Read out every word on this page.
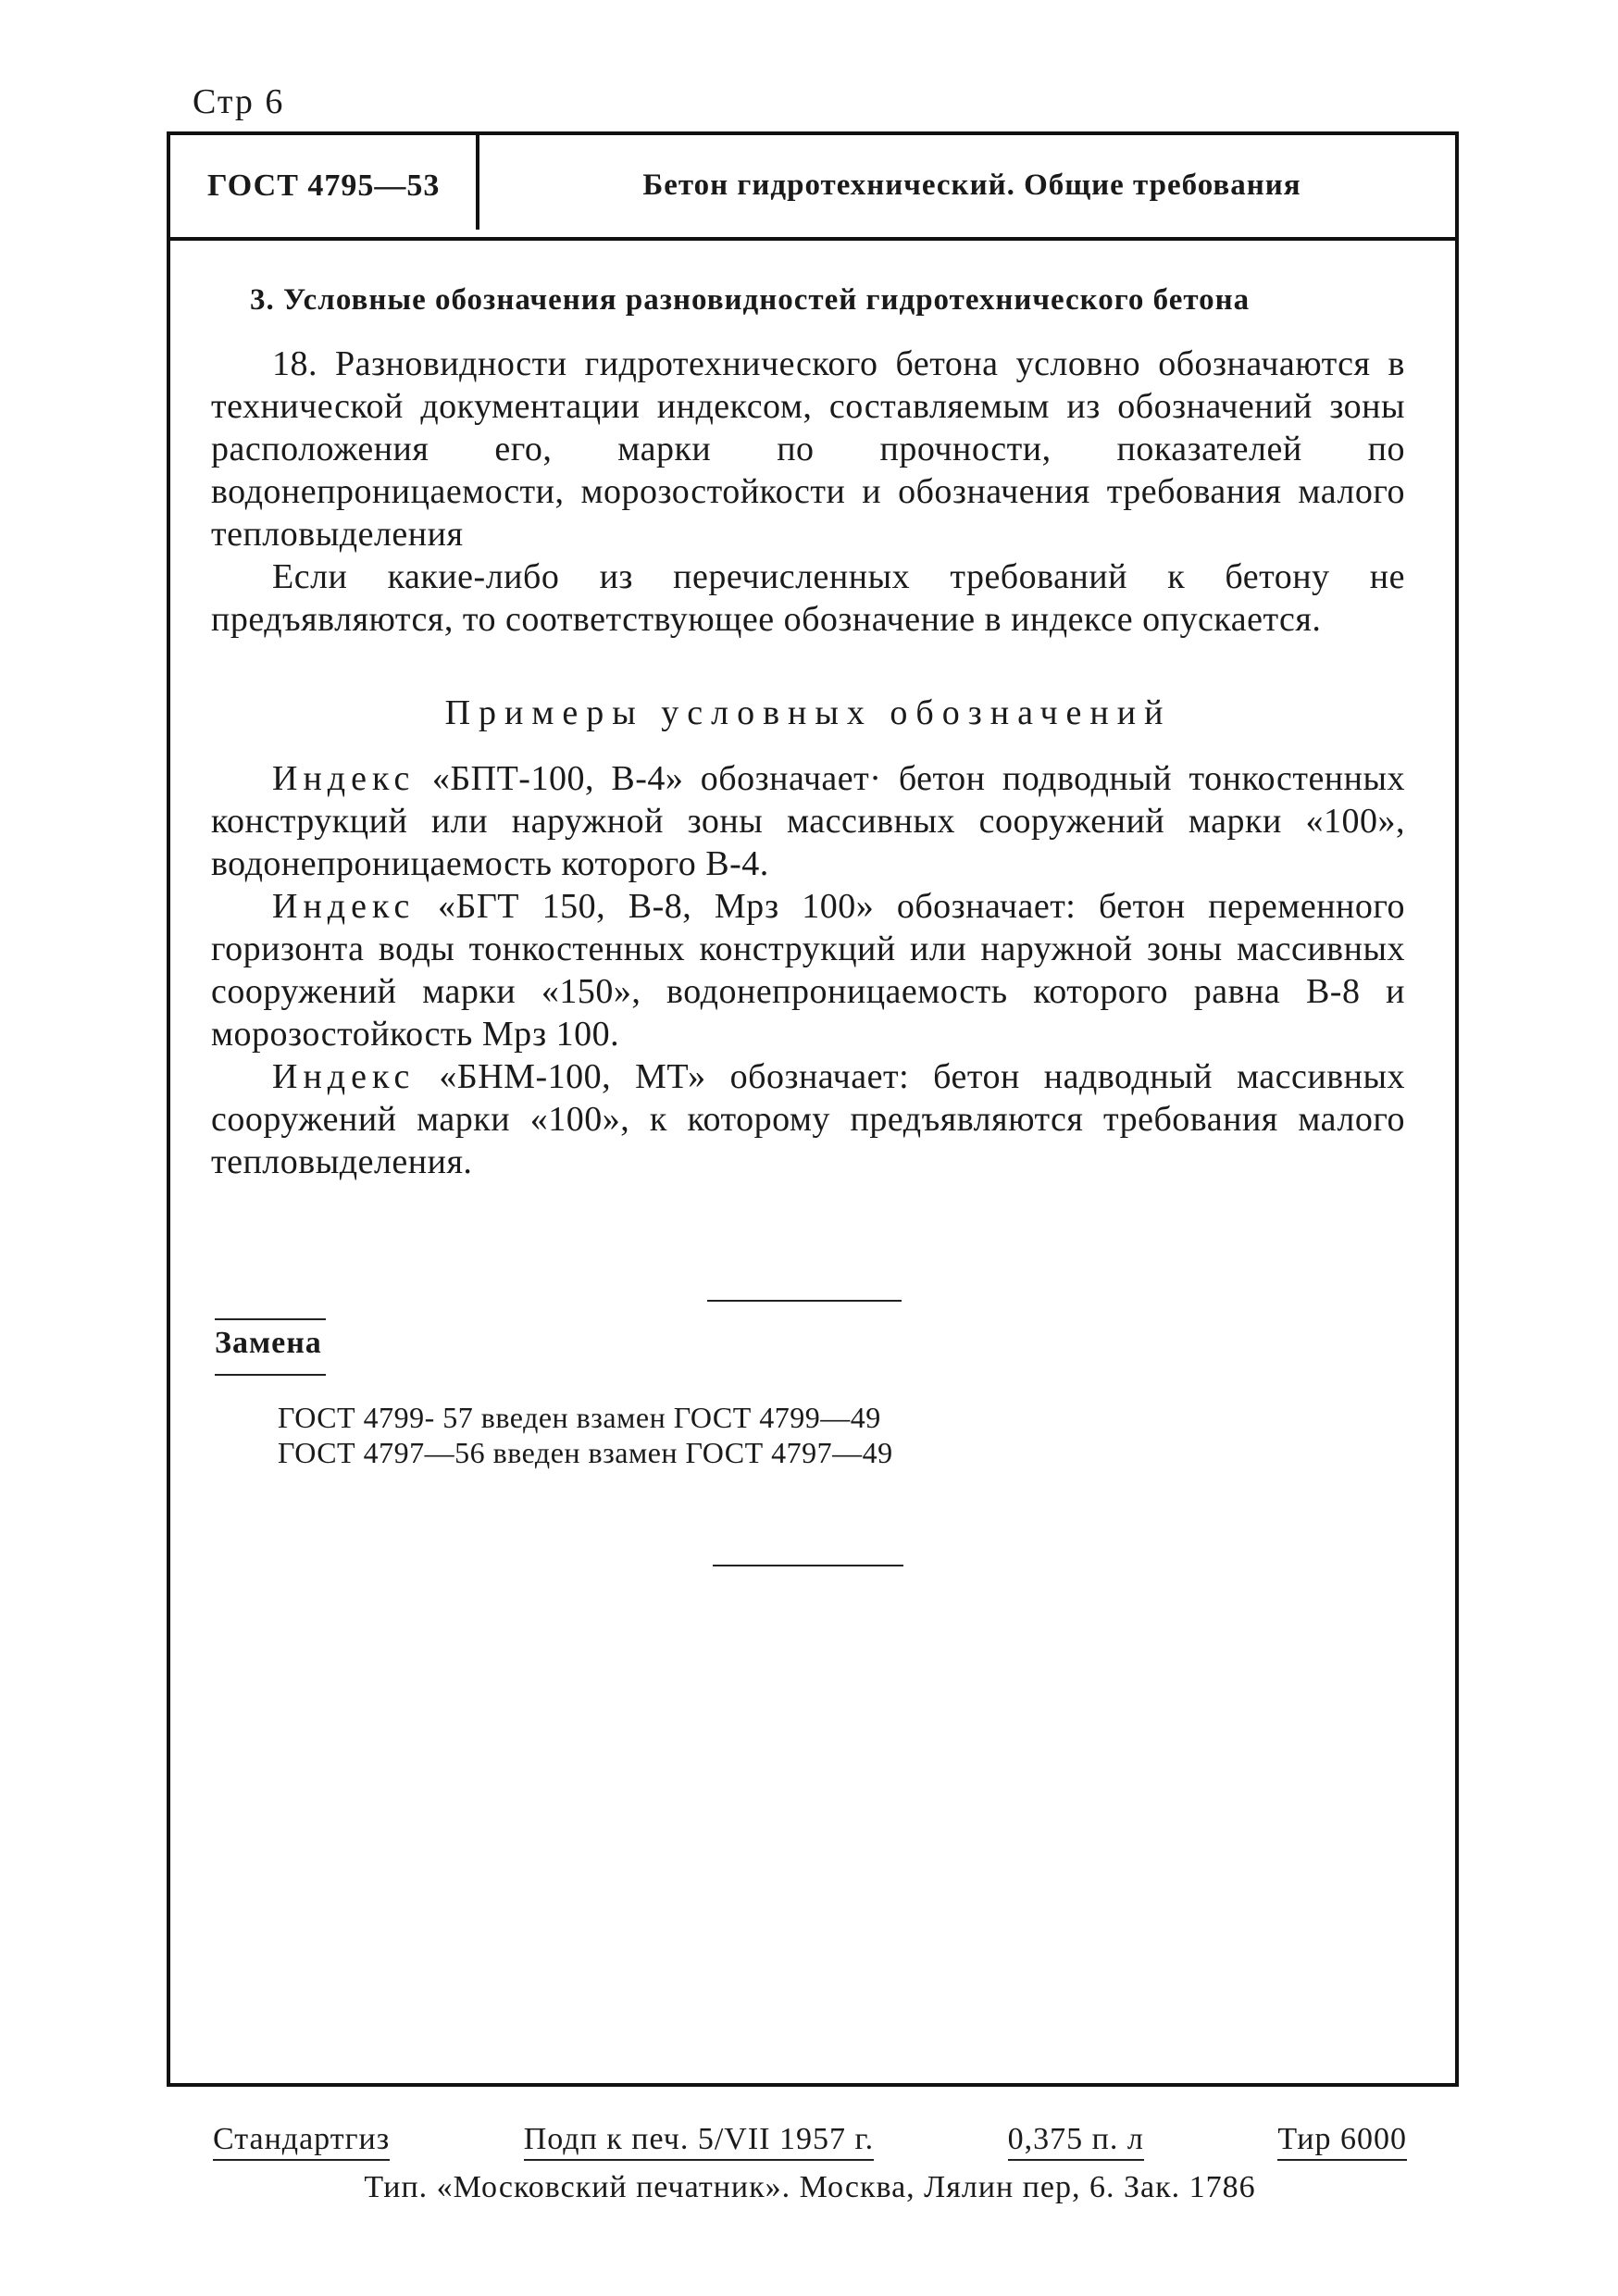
Стр 6
ГОСТ 4795—53	Бетон гидротехнический. Общие требования
3. Условные обозначения разновидностей гидротехнического бетона

18. Разновидности гидротехнического бетона условно обозначаются в технической документации индексом, составляемым из обозначений зоны расположения его, марки по прочности, показателей по водонепроницаемости, морозостойкости и обозначения требования малого тепловыделения

Если какие-либо из перечисленных требований к бетону не предъявляются, то соответствующее обозначение в индексе опускается.

Примеры условных обозначений

Индекс «БПТ-100, В-4» обозначает· бетон подводный тонкостенных конструкций или наружной зоны массивных сооружений марки «100», водонепроницаемость которого В-4.

Индекс «БГТ 150, В-8, Мрз 100» обозначает: бетон переменного горизонта воды тонкостенных конструкций или наружной зоны массивных сооружений марки «150», водонепроницаемость которого равна В-8 и морозостойкость Мрз 100.

Индекс «БНМ-100, МТ» обозначает: бетон надводный массивных сооружений марки «100», к которому предъявляются требования малого тепловыделения.

Замена
ГОСТ 4799- 57 введен взамен ГОСТ 4799—49
ГОСТ 4797—56 введен взамен ГОСТ 4797—49
Стандартгиз	Подп к печ. 5/VII 1957 г.	0,375 п. л	Тир 6000
Тип. «Московский печатник». Москва, Лялин пер, 6. Зак. 1786
